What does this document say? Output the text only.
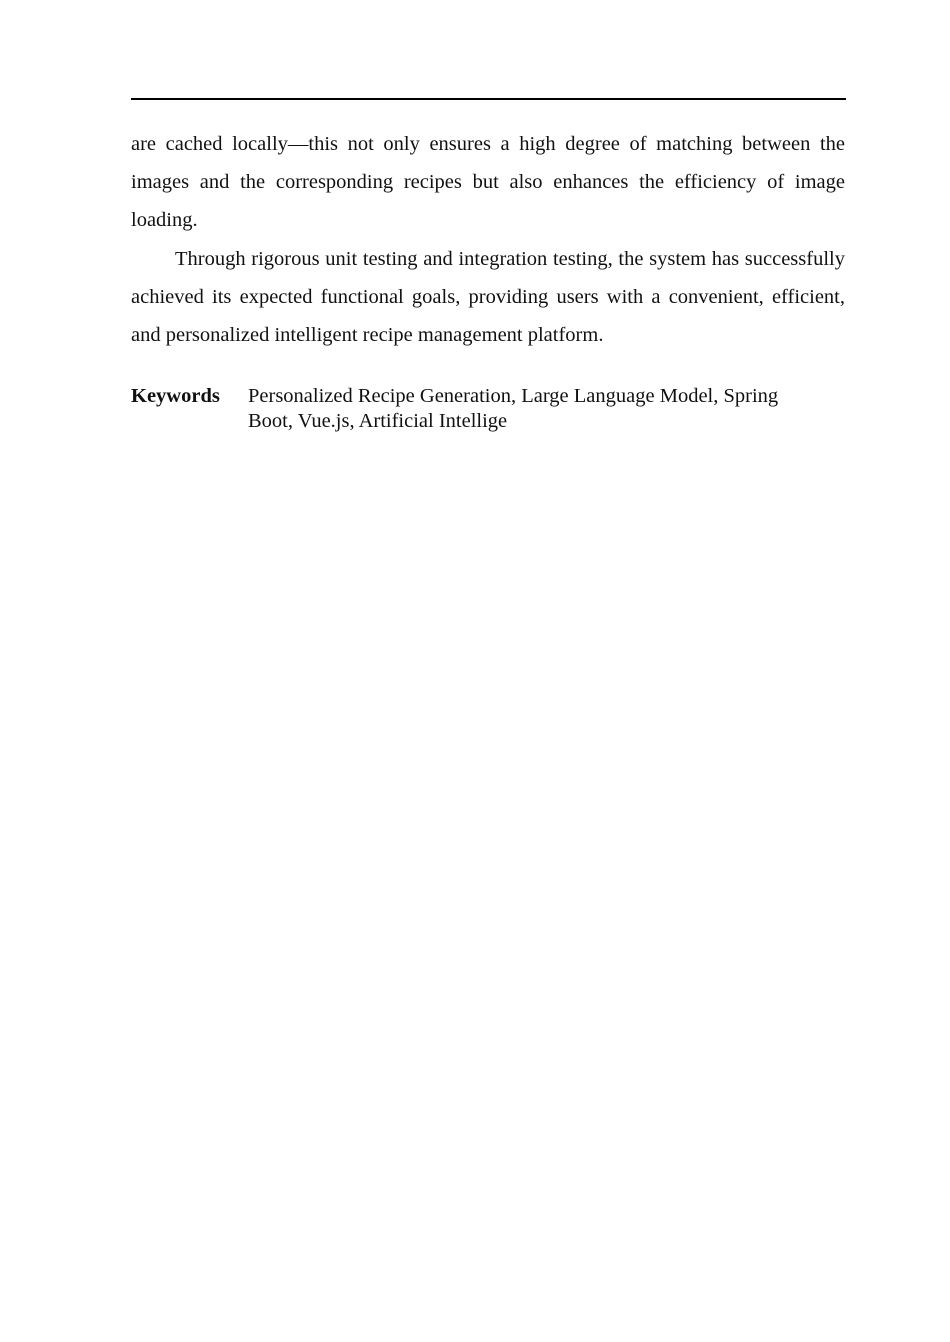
are cached locally—this not only ensures a high degree of matching between the images and the corresponding recipes but also enhances the efficiency of image loading.

Through rigorous unit testing and integration testing, the system has successfully achieved its expected functional goals, providing users with a convenient, efficient, and personalized intelligent recipe management platform.

Keywords	Personalized Recipe Generation, Large Language Model, Spring Boot, Vue.js, Artificial Intellige
